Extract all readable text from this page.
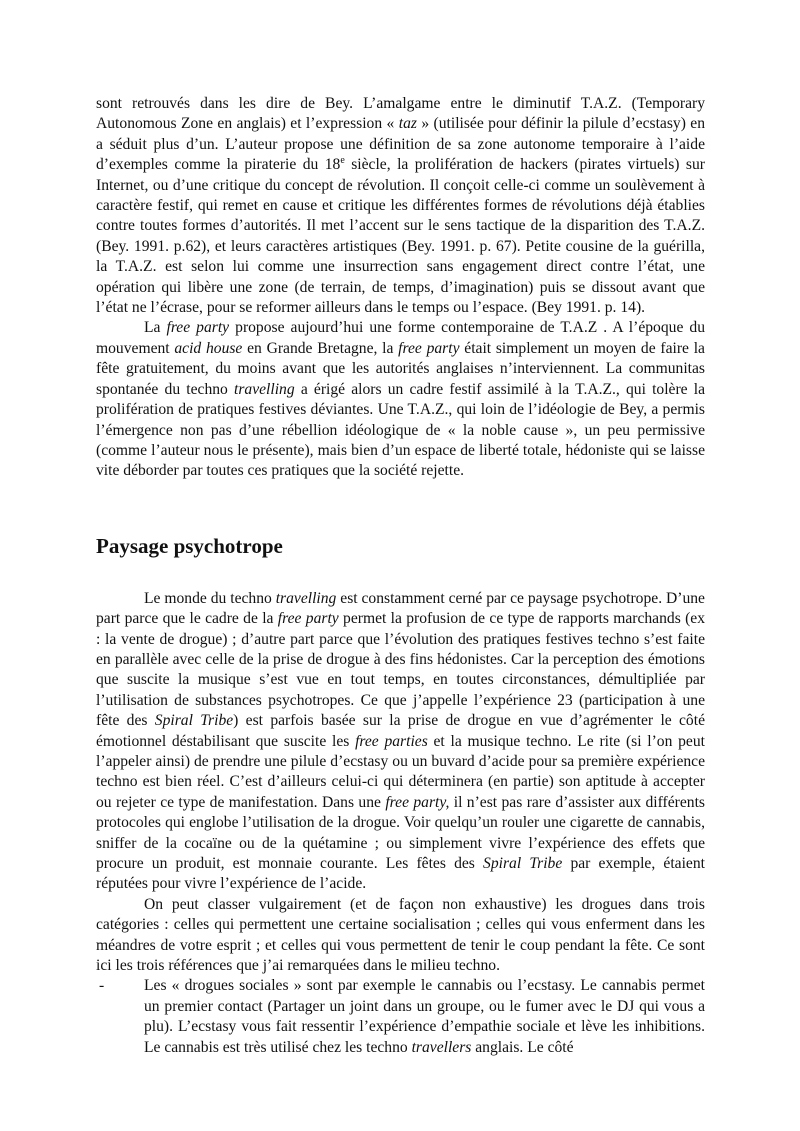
sont retrouvés dans les dire de Bey. L’amalgame entre le diminutif T.A.Z. (Temporary Autonomous Zone en anglais) et l’expression « taz » (utilisée pour définir la pilule d’ecstasy) en a séduit plus d’un. L’auteur propose une définition de sa zone autonome temporaire à l’aide d’exemples comme la piraterie du 18e siècle, la prolifération de hackers (pirates virtuels) sur Internet, ou d’une critique du concept de révolution. Il conçoit celle-ci comme un soulèvement à caractère festif, qui remet en cause et critique les différentes formes de révolutions déjà établies contre toutes formes d’autorités. Il met l’accent sur le sens tactique de la disparition des T.A.Z. (Bey. 1991. p.62), et leurs caractères artistiques (Bey. 1991. p. 67). Petite cousine de la guérilla, la T.A.Z. est selon lui comme une insurrection sans engagement direct contre l’état, une opération qui libère une zone (de terrain, de temps, d’imagination) puis se dissout avant que l’état ne l’écrase, pour se reformer ailleurs dans le temps ou l’espace. (Bey 1991. p. 14).

La free party propose aujourd’hui une forme contemporaine de T.A.Z . A l’époque du mouvement acid house en Grande Bretagne, la free party était simplement un moyen de faire la fête gratuitement, du moins avant que les autorités anglaises n’interviennent. La communitas spontanée du techno travelling a érigé alors un cadre festif assimilé à la T.A.Z., qui tolère la prolifération de pratiques festives déviantes. Une T.A.Z., qui loin de l’idéologie de Bey, a permis l’émergence non pas d’une rébellion idéologique de « la noble cause », un peu permissive (comme l’auteur nous le présente), mais bien d’un espace de liberté totale, hédoniste qui se laisse vite déborder par toutes ces pratiques que la société rejette.

Paysage psychotrope

Le monde du techno travelling est constamment cerné par ce paysage psychotrope. D’une part parce que le cadre de la free party permet la profusion de ce type de rapports marchands (ex : la vente de drogue) ; d’autre part parce que l’évolution des pratiques festives techno s’est faite en parallèle avec celle de la prise de drogue à des fins hédonistes. Car la perception des émotions que suscite la musique s’est vue en tout temps, en toutes circonstances, démultipliée par l’utilisation de substances psychotropes. Ce que j’appelle l’expérience 23 (participation à une fête des Spiral Tribe) est parfois basée sur la prise de drogue en vue d’agrémenter le côté émotionnel déstabilisant que suscite les free parties et la musique techno. Le rite (si l’on peut l’appeler ainsi) de prendre une pilule d’ecstasy ou un buvard d’acide pour sa première expérience techno est bien réel. C’est d’ailleurs celui-ci qui déterminera (en partie) son aptitude à accepter ou rejeter ce type de manifestation. Dans une free party, il n’est pas rare d’assister aux différents protocoles qui englobe l’utilisation de la drogue. Voir quelqu’un rouler une cigarette de cannabis, sniffer de la cocaïne ou de la quétamine ; ou simplement vivre l’expérience des effets que procure un produit, est monnaie courante. Les fêtes des Spiral Tribe par exemple, étaient réputées pour vivre l’expérience de l’acide.

On peut classer vulgairement (et de façon non exhaustive) les drogues dans trois catégories : celles qui permettent une certaine socialisation ; celles qui vous enferment dans les méandres de votre esprit ; et celles qui vous permettent de tenir le coup pendant la fête. Ce sont ici les trois références que j’ai remarquées dans le milieu techno.

-	Les « drogues sociales » sont par exemple le cannabis ou l’ecstasy. Le cannabis permet un premier contact (Partager un joint dans un groupe, ou le fumer avec le DJ qui vous a plu). L’ecstasy vous fait ressentir l’expérience d’empathie sociale et lève les inhibitions. Le cannabis est très utilisé chez les techno travellers anglais. Le côté
